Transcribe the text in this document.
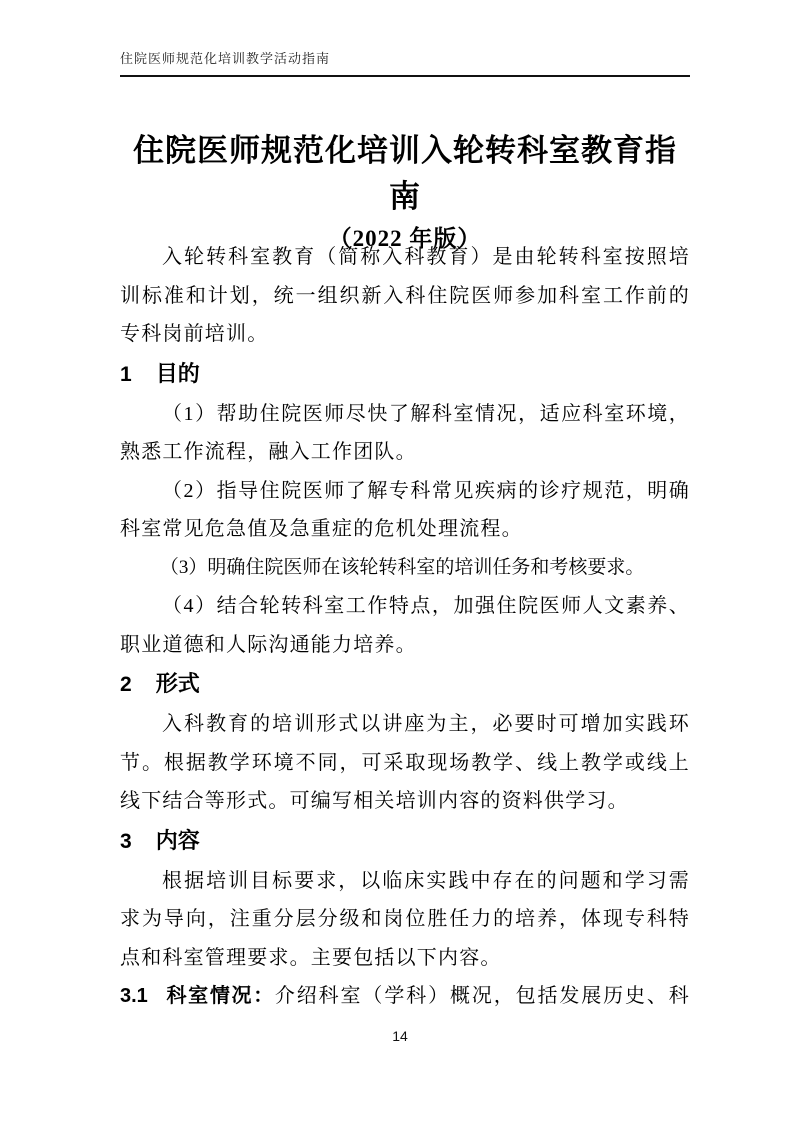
住院医师规范化培训教学活动指南
住院医师规范化培训入轮转科室教育指南
（2022 年版）

入轮转科室教育（简称入科教育）是由轮转科室按照培训标准和计划，统一组织新入科住院医师参加科室工作前的专科岗前培训。

1 目的

（1）帮助住院医师尽快了解科室情况，适应科室环境，熟悉工作流程，融入工作团队。

（2）指导住院医师了解专科常见疾病的诊疗规范，明确科室常见危急值及急重症的危机处理流程。

（3）明确住院医师在该轮转科室的培训任务和考核要求。

（4）结合轮转科室工作特点，加强住院医师人文素养、职业道德和人际沟通能力培养。

2 形式

入科教育的培训形式以讲座为主，必要时可增加实践环节。根据教学环境不同，可采取现场教学、线上教学或线上线下结合等形式。可编写相关培训内容的资料供学习。

3 内容

根据培训目标要求，以临床实践中存在的问题和学习需求为导向，注重分层分级和岗位胜任力的培养，体现专科特点和科室管理要求。主要包括以下内容。

3.1 科室情况：介绍科室（学科）概况，包括发展历史、科

14
